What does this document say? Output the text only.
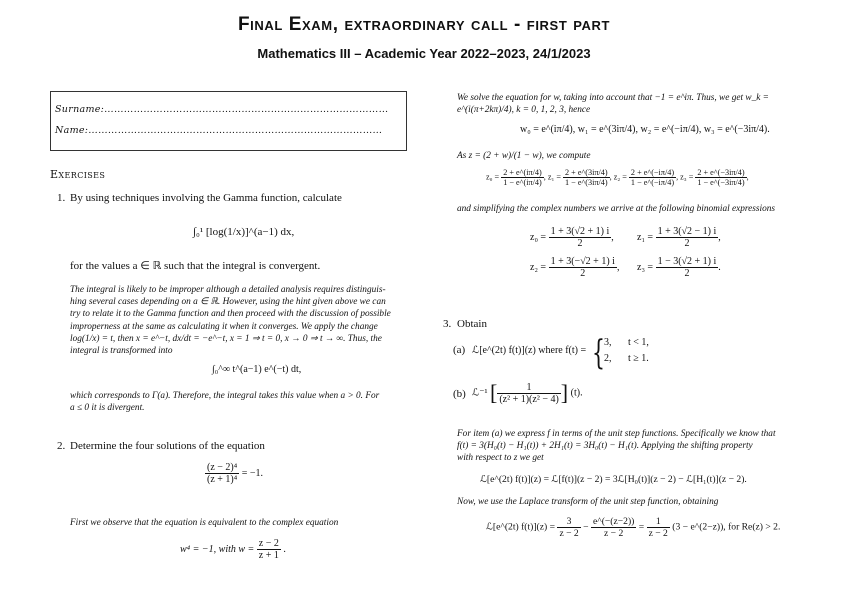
Final Exam, extraordinary call - first part
Mathematics III – Academic Year 2022–2023, 24/1/2023
Surname:……………………………………………………………………………
Name:………………………………………………………………………………
Exercises
1. By using techniques involving the Gamma function, calculate
∫₀¹ [log(1/x)]^(a−1) dx,
for the values a ∈ ℝ such that the integral is convergent.
The integral is likely to be improper although a detailed analysis requires distinguis-
hing several cases depending on a ∈ ℝ. However, using the hint given above we can
try to relate it to the Gamma function and then proceed with the discussion of possible
improperness at the same as calculating it when it converges. We apply the change
log(1/x) = t, then x = e^−t, dx/dt = −e^−t, x = 1 ⇒ t = 0, x → 0 ⇒ t → ∞. Thus, the
integral is transformed into
∫₀^∞ t^(a−1) e^(−t) dt,
which corresponds to Γ(a). Therefore, the integral takes this value when a > 0. For
a ≤ 0 it is divergent.
2. Determine the four solutions of the equation
$\frac{\text{(z − 2)⁴}}{\text{(z + 1)⁴}} = -1$.
First we observe that the equation is equivalent to the complex equation
w⁴ = −1, with $w = \frac{z - 2}{z + 1}$ .
We solve the equation for w, taking into account that −1 = e^iπ. Thus, we get w_k =
e^(i(π+2kπ)/4), k = 0, 1, 2, 3, hence
w₀ = e^(iπ/4), w₁ = e^(3iπ/4), w₂ = e^(−iπ/4), w₃ = e^(−3iπ/4).
As z = (2 + w)/(1 − w), we compute
$z_0 = \frac{2 + e\^{}(i\pi/4)}{1 - e\^{}(i\pi/4)}$ , $z_1 = \frac{2 + e\^{}(3i\pi/4)}{1 - e\^{}(3i\pi/4)}$ , $z_2 = \frac{2 + e\^{}(-i\pi/4)}{1 - e\^{}(-i\pi/4)}$ , $z_3 = \frac{2 + e\^{}(-3i\pi/4)}{1 - e\^{}(-3i\pi/4)}$ ,
and simplifying the complex numbers we arrive at the following binomial expressions
$z_0 = \frac{1 + 3(√2 + 1) i}{2}$ , $z_1 = \frac{1 + 3(√2 - 1) i}{2}$ ,
$z_2 = \frac{1 + 3(-√2 + 1) i}{2}$ , $z_3 = \frac{1 - 3(√2 + 1) i}{2}$ .
3. Obtain
(a) ℒ[e^(2t) f(t)](z) where f(t) = { 3, t < 1,
2, t ≥ 1.
(b) ℒ⁻¹ [ $\frac{1}{\text{(z² + 1)(z² − 4)}}$ ] (t).
For item (a) we express f in terms of the unit step functions. Specifically we know that
f(t) = 3(H₀(t) − H₁(t)) + 2H₁(t) = 3H₀(t) − H₁(t). Applying the shifting property
with respect to z we get
ℒ[e^(2t) f(t)](z) = ℒ[f(t)](z − 2) = 3ℒ[H₀(t)](z − 2) − ℒ[H₁(t)](z − 2).
Now, we use the Laplace transform of the unit step function, obtaining
ℒ[e^(2t) $f(t)](z) = \frac{3}{z - 2} - \frac{e\^{}(-(z-2))}{z - 2} = \frac{1}{z - 2} (3$ − e^(2−z)), for Re(z) > 2.
